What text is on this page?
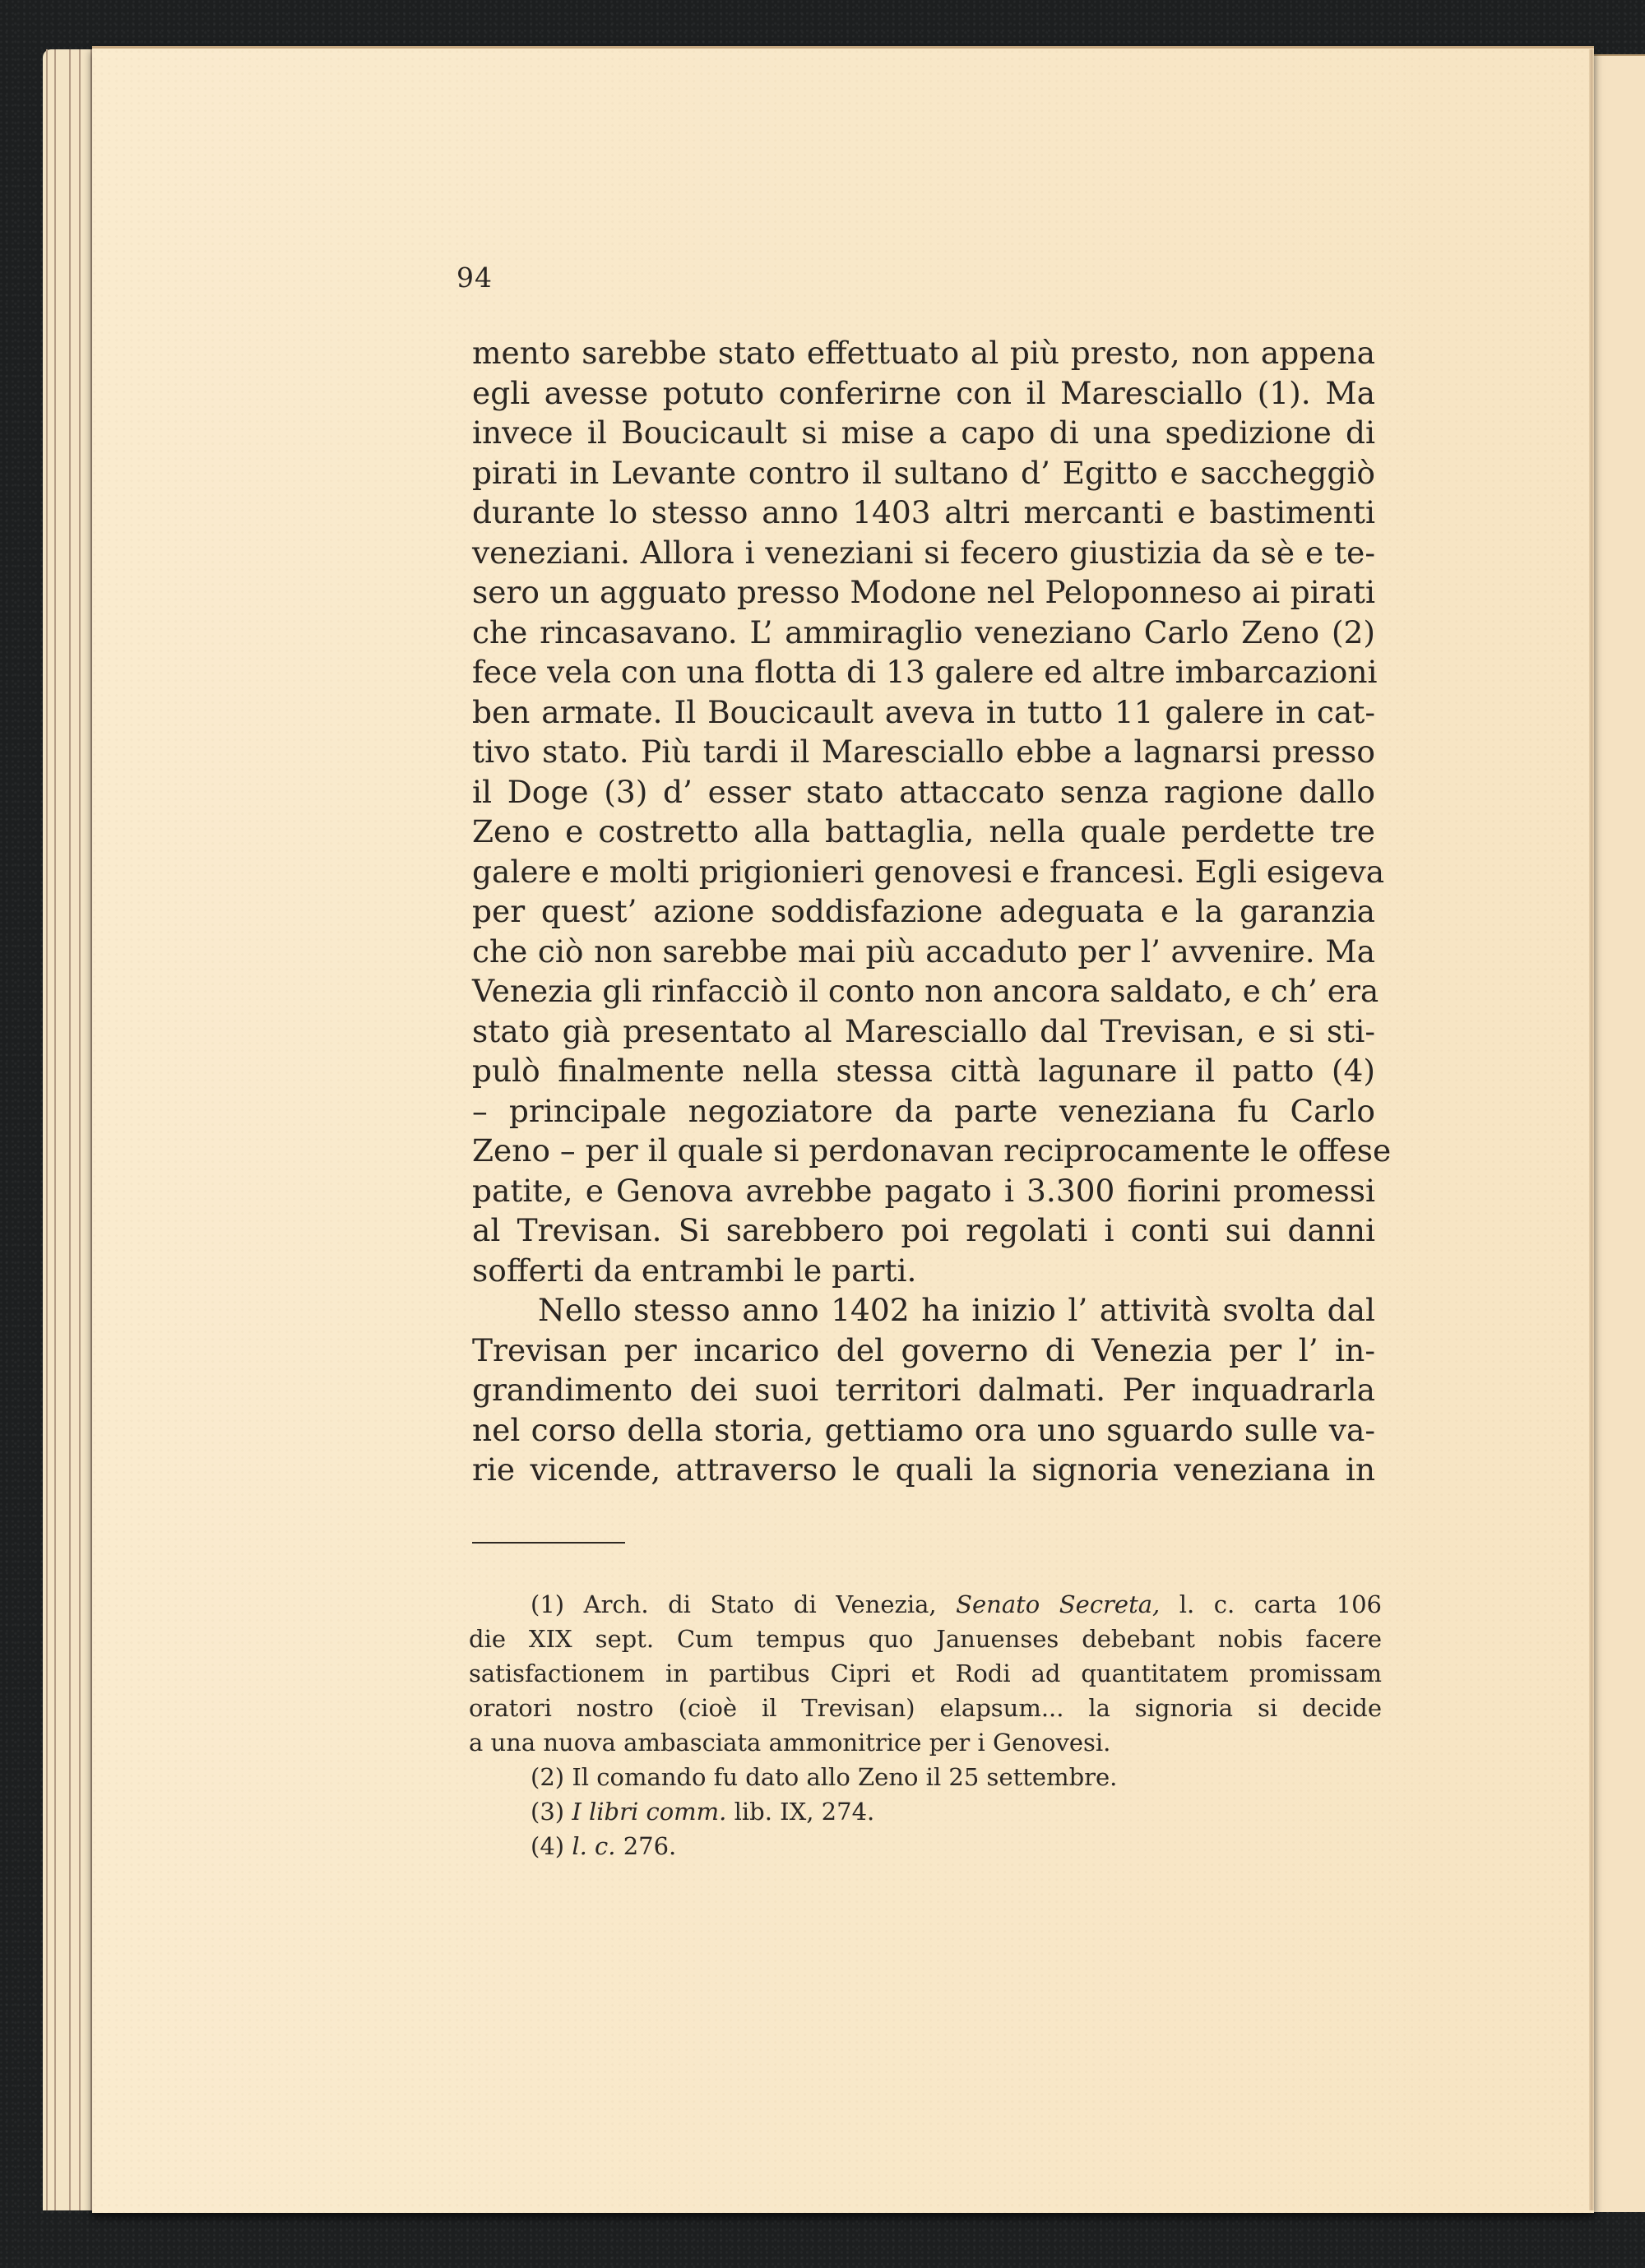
94
mento sarebbe stato effettuato al più presto, non appena
egli avesse potuto conferirne con il Maresciallo (1). Ma
invece il Boucicault si mise a capo di una spedizione di
pirati in Levante contro il sultano d’ Egitto e saccheggiò
durante lo stesso anno 1403 altri mercanti e bastimenti
veneziani. Allora i veneziani si fecero giustizia da sè e te-
sero un agguato presso Modone nel Peloponneso ai pirati
che rincasavano. L’ ammiraglio veneziano Carlo Zeno (2)
fece vela con una flotta di 13 galere ed altre imbarcazioni
ben armate. Il Boucicault aveva in tutto 11 galere in cat-
tivo stato. Più tardi il Maresciallo ebbe a lagnarsi presso
il Doge (3) d’ esser stato attaccato senza ragione dallo
Zeno e costretto alla battaglia, nella quale perdette tre
galere e molti prigionieri genovesi e francesi. Egli esigeva
per quest’ azione soddisfazione adeguata e la garanzia
che ciò non sarebbe mai più accaduto per l’ avvenire. Ma
Venezia gli rinfacciò il conto non ancora saldato, e ch’ era
stato già presentato al Maresciallo dal Trevisan, e si sti-
pulò finalmente nella stessa città lagunare il patto (4)
– principale negoziatore da parte veneziana fu Carlo
Zeno – per il quale si perdonavan reciprocamente le offese
patite, e Genova avrebbe pagato i 3.300 fiorini promessi
al Trevisan. Si sarebbero poi regolati i conti sui danni
sofferti da entrambi le parti.
Nello stesso anno 1402 ha inizio l’ attività svolta dal
Trevisan per incarico del governo di Venezia per l’ in-
grandimento dei suoi territori dalmati. Per inquadrarla
nel corso della storia, gettiamo ora uno sguardo sulle va-
rie vicende, attraverso le quali la signoria veneziana in
(1) Arch. di Stato di Venezia, Senato Secreta, l. c. carta 106
die XIX sept. Cum tempus quo Januenses debebant nobis facere
satisfactionem in partibus Cipri et Rodi ad quantitatem promissam
oratori nostro (cioè il Trevisan) elapsum... la signoria si decide
a una nuova ambasciata ammonitrice per i Genovesi.
(2) Il comando fu dato allo Zeno il 25 settembre.
(3) I libri comm. lib. IX, 274.
(4) l. c. 276.
